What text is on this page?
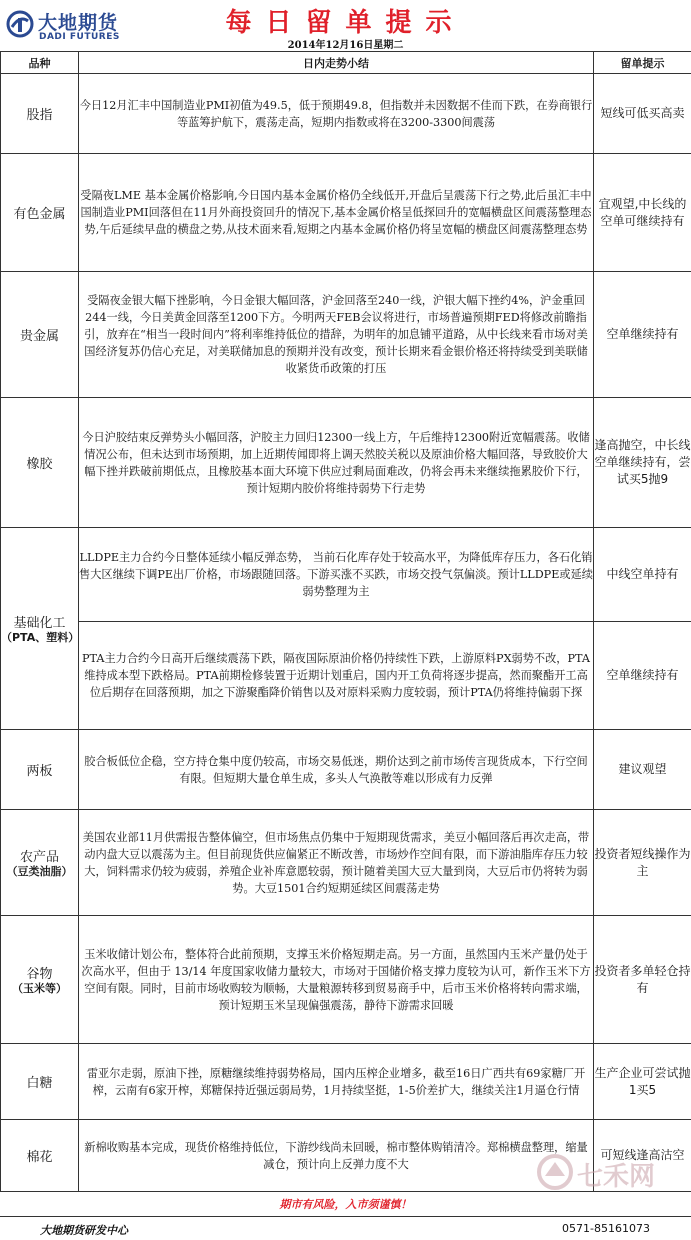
大地期货
DADI FUTURES	每日留单提示
2014年12月16日星期二
品种	日内走势小结	留单提示
股指	今日12月汇丰中国制造业PMI初值为49.5，低于预期49.8，但指数并未因数据不佳而下跌，在券商银行等蓝筹护航下，震荡走高，短期内指数或将在3200-3300间震荡	短线可低买高卖
有色金属	受隔夜LME 基本金属价格影响,今日国内基本金属价格仍全线低开,开盘后呈震荡下行之势,此后虽汇丰中国制造业PMI回落但在11月外商投资回升的情况下,基本金属价格呈低探回升的宽幅横盘区间震荡整理态势,午后延续早盘的横盘之势,从技术面来看,短期之内基本金属价格仍将呈宽幅的横盘区间震荡整理态势	宜观望,中长线的空单可继续持有
贵金属	受隔夜金银大幅下挫影响，今日金银大幅回落，沪金回落至240一线，沪银大幅下挫约4%，沪金重回244一线，今日美黄金回落至1200下方。今明两天FEB会议将进行，市场普遍预期FED将修改前瞻指引，放弃在“相当一段时间内”将利率维持低位的措辞，为明年的加息铺平道路，从中长线来看市场对美国经济复苏仍信心充足，对美联储加息的预期并没有改变，预计长期来看金银价格还将持续受到美联储收紧货币政策的打压	空单继续持有
橡胶	今日沪胶结束反弹势头小幅回落，沪胶主力回归12300一线上方，午后维持12300附近宽幅震荡。收储情况公布，但未达到市场预期，加上近期传闻即将上调天然胶关税以及原油价格大幅回落，导致胶价大幅下挫并跌破前期低点，且橡胶基本面大环境下供应过剩局面难改，仍将会再未来继续拖累胶价下行，预计短期内胶价将维持弱势下行走势	逢高抛空，中长线空单继续持有，尝试买5抛9
基础化工
（PTA、塑料）	LLDPE主力合约今日整体延续小幅反弹态势， 当前石化库存处于较高水平，为降低库存压力，各石化销售大区继续下调PE出厂价格，市场跟随回落。下游买涨不买跌，市场交投气氛偏淡。预计LLDPE或延续弱势整理为主	中线空单持有
	PTA主力合约今日高开后继续震荡下跌，隔夜国际原油价格仍持续性下跌，上游原料PX弱势不改，PTA维持成本型下跌格局。PTA前期检修装置于近期计划重启，国内开工负荷将逐步提高，然而聚酯开工高位后期存在回落预期，加之下游聚酯降价销售以及对原料采购力度较弱，预计PTA仍将维持偏弱下探	空单继续持有
两板	胶合板低位企稳，空方持仓集中度仍较高，市场交易低迷，期价达到之前市场传言现货成本，下行空间有限。但短期大量仓单生成，多头人气涣散等难以形成有力反弹	建议观望
农产品
（豆类油脂）	美国农业部11月供需报告整体偏空，但市场焦点仍集中于短期现货需求，美豆小幅回落后再次走高，带动内盘大豆以震荡为主。但目前现货供应偏紧正不断改善，市场炒作空间有限，而下游油脂库存压力较大，饲料需求仍较为疲弱，养殖企业补库意愿较弱，预计随着美国大豆大量到岗，大豆后市仍将转为弱势。大豆1501合约短期延续区间震荡走势	投资者短线操作为主
谷物
（玉米等）	玉米收储计划公布，整体符合此前预期，支撑玉米价格短期走高。另一方面，虽然国内玉米产量仍处于次高水平，但由于 13/14 年度国家收储力量较大，市场对于国储价格支撑力度较为认可，新作玉米下方空间有限。同时，目前市场收购较为顺畅，大量粮源转移到贸易商手中，后市玉米价格将转向需求端，预计短期玉米呈现偏强震荡，静待下游需求回暖	投资者多单轻仓持有
白糖	雷亚尔走弱，原油下挫，原糖继续维持弱势格局，国内压榨企业增多，截至16日广西共有69家糖厂开榨，云南有6家开榨，郑糖保持近强远弱局势，1月持续坚挺，1-5价差扩大，继续关注1月逼仓行情	生产企业可尝试抛1买5
棉花	新棉收购基本完成，现货价格维持低位，下游纱线尚未回暖，棉市整体购销清冷。郑棉横盘整理，缩量减仓，预计向上反弹力度不大	可短线逢高沽空
七禾网
期市有风险，入市须谨慎！
大地期货研发中心	0571-85161073
